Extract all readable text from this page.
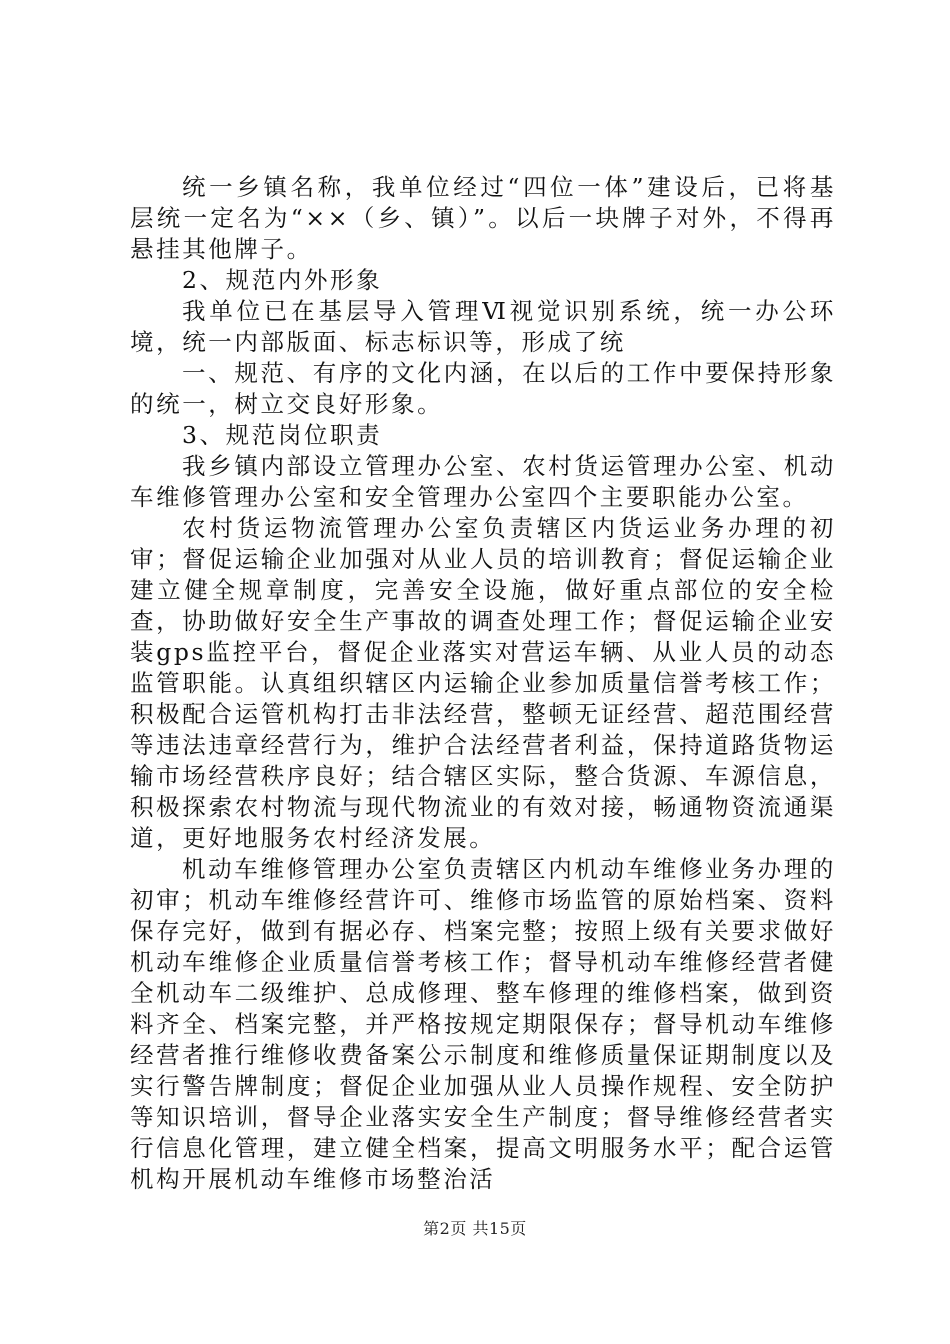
统一乡镇名称，我单位经过“四位一体”建设后，已将基层统一定名为“××（乡、镇）”。以后一块牌子对外，不得再悬挂其他牌子。

2、规范内外形象

我单位已在基层导入管理Ⅵ视觉识别系统，统一办公环境，统一内部版面、标志标识等，形成了统

一、规范、有序的文化内涵，在以后的工作中要保持形象的统一，树立交良好形象。

3、规范岗位职责

我乡镇内部设立管理办公室、农村货运管理办公室、机动车维修管理办公室和安全管理办公室四个主要职能办公室。

农村货运物流管理办公室负责辖区内货运业务办理的初审；督促运输企业加强对从业人员的培训教育；督促运输企业建立健全规章制度，完善安全设施，做好重点部位的安全检查，协助做好安全生产事故的调查处理工作；督促运输企业安装gps监控平台，督促企业落实对营运车辆、从业人员的动态监管职能。认真组织辖区内运输企业参加质量信誉考核工作；积极配合运管机构打击非法经营，整顿无证经营、超范围经营等违法违章经营行为，维护合法经营者利益，保持道路货物运输市场经营秩序良好；结合辖区实际，整合货源、车源信息，积极探索农村物流与现代物流业的有效对接，畅通物资流通渠道，更好地服务农村经济发展。

机动车维修管理办公室负责辖区内机动车维修业务办理的初审；机动车维修经营许可、维修市场监管的原始档案、资料保存完好，做到有据必存、档案完整；按照上级有关要求做好机动车维修企业质量信誉考核工作；督导机动车维修经营者健全机动车二级维护、总成修理、整车修理的维修档案，做到资料齐全、档案完整，并严格按规定期限保存；督导机动车维修经营者推行维修收费备案公示制度和维修质量保证期制度以及实行警告牌制度；督促企业加强从业人员操作规程、安全防护等知识培训，督导企业落实安全生产制度；督导维修经营者实行信息化管理，建立健全档案，提高文明服务水平；配合运管机构开展机动车维修市场整治活

第2页 共15页
